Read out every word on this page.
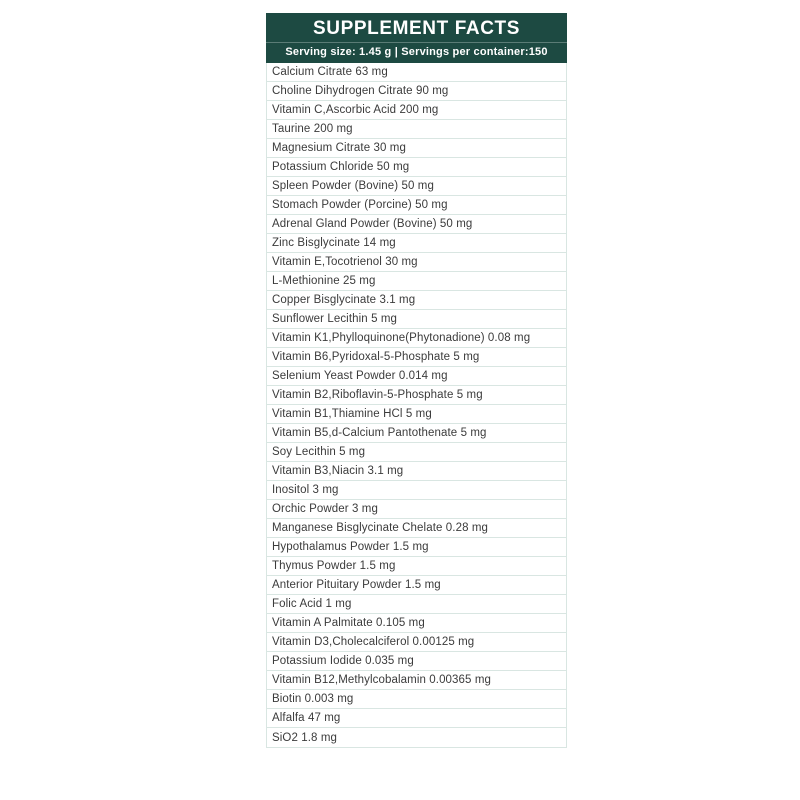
SUPPLEMENT FACTS
Serving size: 1.45 g | Servings per container:150
Calcium Citrate 63 mg
Choline Dihydrogen Citrate 90 mg
Vitamin C,Ascorbic Acid 200 mg
Taurine 200 mg
Magnesium Citrate 30 mg
Potassium Chloride 50 mg
Spleen Powder (Bovine) 50 mg
Stomach Powder (Porcine) 50 mg
Adrenal Gland Powder (Bovine) 50 mg
Zinc Bisglycinate 14 mg
Vitamin E,Tocotrienol 30 mg
L-Methionine 25 mg
Copper Bisglycinate 3.1 mg
Sunflower Lecithin 5 mg
Vitamin K1,Phylloquinone(Phytonadione) 0.08 mg
Vitamin B6,Pyridoxal-5-Phosphate 5 mg
Selenium Yeast Powder 0.014 mg
Vitamin B2,Riboflavin-5-Phosphate 5 mg
Vitamin B1,Thiamine HCl 5 mg
Vitamin B5,d-Calcium Pantothenate 5 mg
Soy Lecithin 5 mg
Vitamin B3,Niacin 3.1 mg
Inositol 3 mg
Orchic Powder 3 mg
Manganese Bisglycinate Chelate 0.28 mg
Hypothalamus Powder 1.5 mg
Thymus Powder 1.5 mg
Anterior Pituitary Powder 1.5 mg
Folic Acid 1 mg
Vitamin A Palmitate 0.105 mg
Vitamin D3,Cholecalciferol 0.00125 mg
Potassium Iodide 0.035 mg
Vitamin B12,Methylcobalamin 0.00365 mg
Biotin 0.003 mg
Alfalfa 47 mg
SiO2 1.8 mg
